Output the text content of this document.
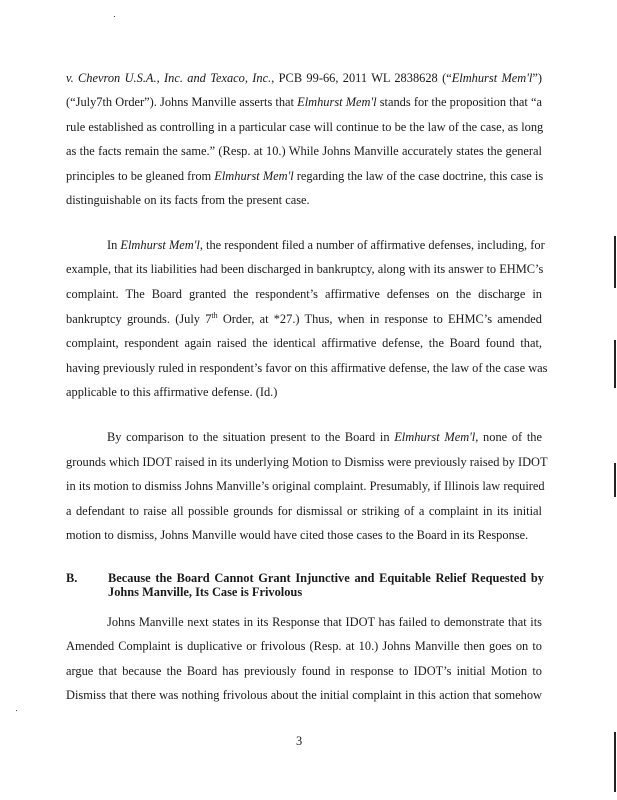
v. Chevron U.S.A., Inc. and Texaco, Inc., PCB 99-66, 2011 WL 2838628 (“Elmhurst Mem'l”)
(“July7th Order”). Johns Manville asserts that Elmhurst Mem'l stands for the proposition that “a
rule established as controlling in a particular case will continue to be the law of the case, as long
as the facts remain the same.” (Resp. at 10.) While Johns Manville accurately states the general
principles to be gleaned from Elmhurst Mem'l regarding the law of the case doctrine, this case is
distinguishable on its facts from the present case.
In Elmhurst Mem'l, the respondent filed a number of affirmative defenses, including, for
example, that its liabilities had been discharged in bankruptcy, along with its answer to EHMC’s
complaint. The Board granted the respondent’s affirmative defenses on the discharge in
bankruptcy grounds. (July 7th Order, at *27.) Thus, when in response to EHMC’s amended
complaint, respondent again raised the identical affirmative defense, the Board found that,
having previously ruled in respondent’s favor on this affirmative defense, the law of the case was
applicable to this affirmative defense. (Id.)
By comparison to the situation present to the Board in Elmhurst Mem'l, none of the
grounds which IDOT raised in its underlying Motion to Dismiss were previously raised by IDOT
in its motion to dismiss Johns Manville’s original complaint. Presumably, if Illinois law required
a defendant to raise all possible grounds for dismissal or striking of a complaint in its initial
motion to dismiss, Johns Manville would have cited those cases to the Board in its Response.
B. Because the Board Cannot Grant Injunctive and Equitable Relief Requested by Johns Manville, Its Case is Frivolous
Johns Manville next states in its Response that IDOT has failed to demonstrate that its
Amended Complaint is duplicative or frivolous (Resp. at 10.) Johns Manville then goes on to
argue that because the Board has previously found in response to IDOT’s initial Motion to
Dismiss that there was nothing frivolous about the initial complaint in this action that somehow
3
